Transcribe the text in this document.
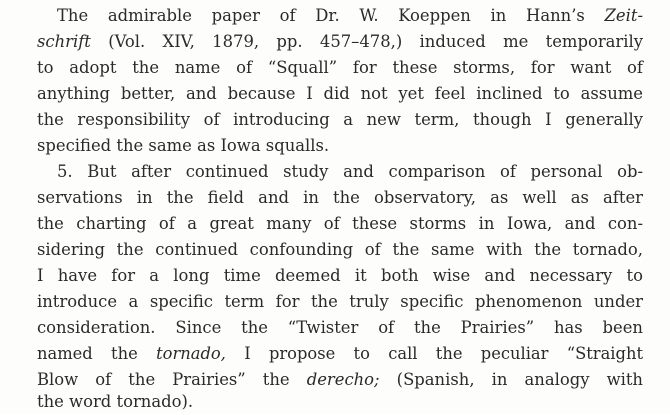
The admirable paper of Dr. W. Koeppen in Hann’s Zeit-
schrift (Vol. XIV, 1879, pp. 457–478,) induced me temporarily
to adopt the name of “Squall” for these storms, for want of
anything better, and because I did not yet feel inclined to assume
the responsibility of introducing a new term, though I generally
specified the same as Iowa squalls.
5. But after continued study and comparison of personal ob-
servations in the field and in the observatory, as well as after
the charting of a great many of these storms in Iowa, and con-
sidering the continued confounding of the same with the tornado,
I have for a long time deemed it both wise and necessary to
introduce a specific term for the truly specific phenomenon under
consideration. Since the “Twister of the Prairies” has been
named the tornado, I propose to call the peculiar “Straight
Blow of the Prairies” the derecho; (Spanish, in analogy with
the word tornado).
